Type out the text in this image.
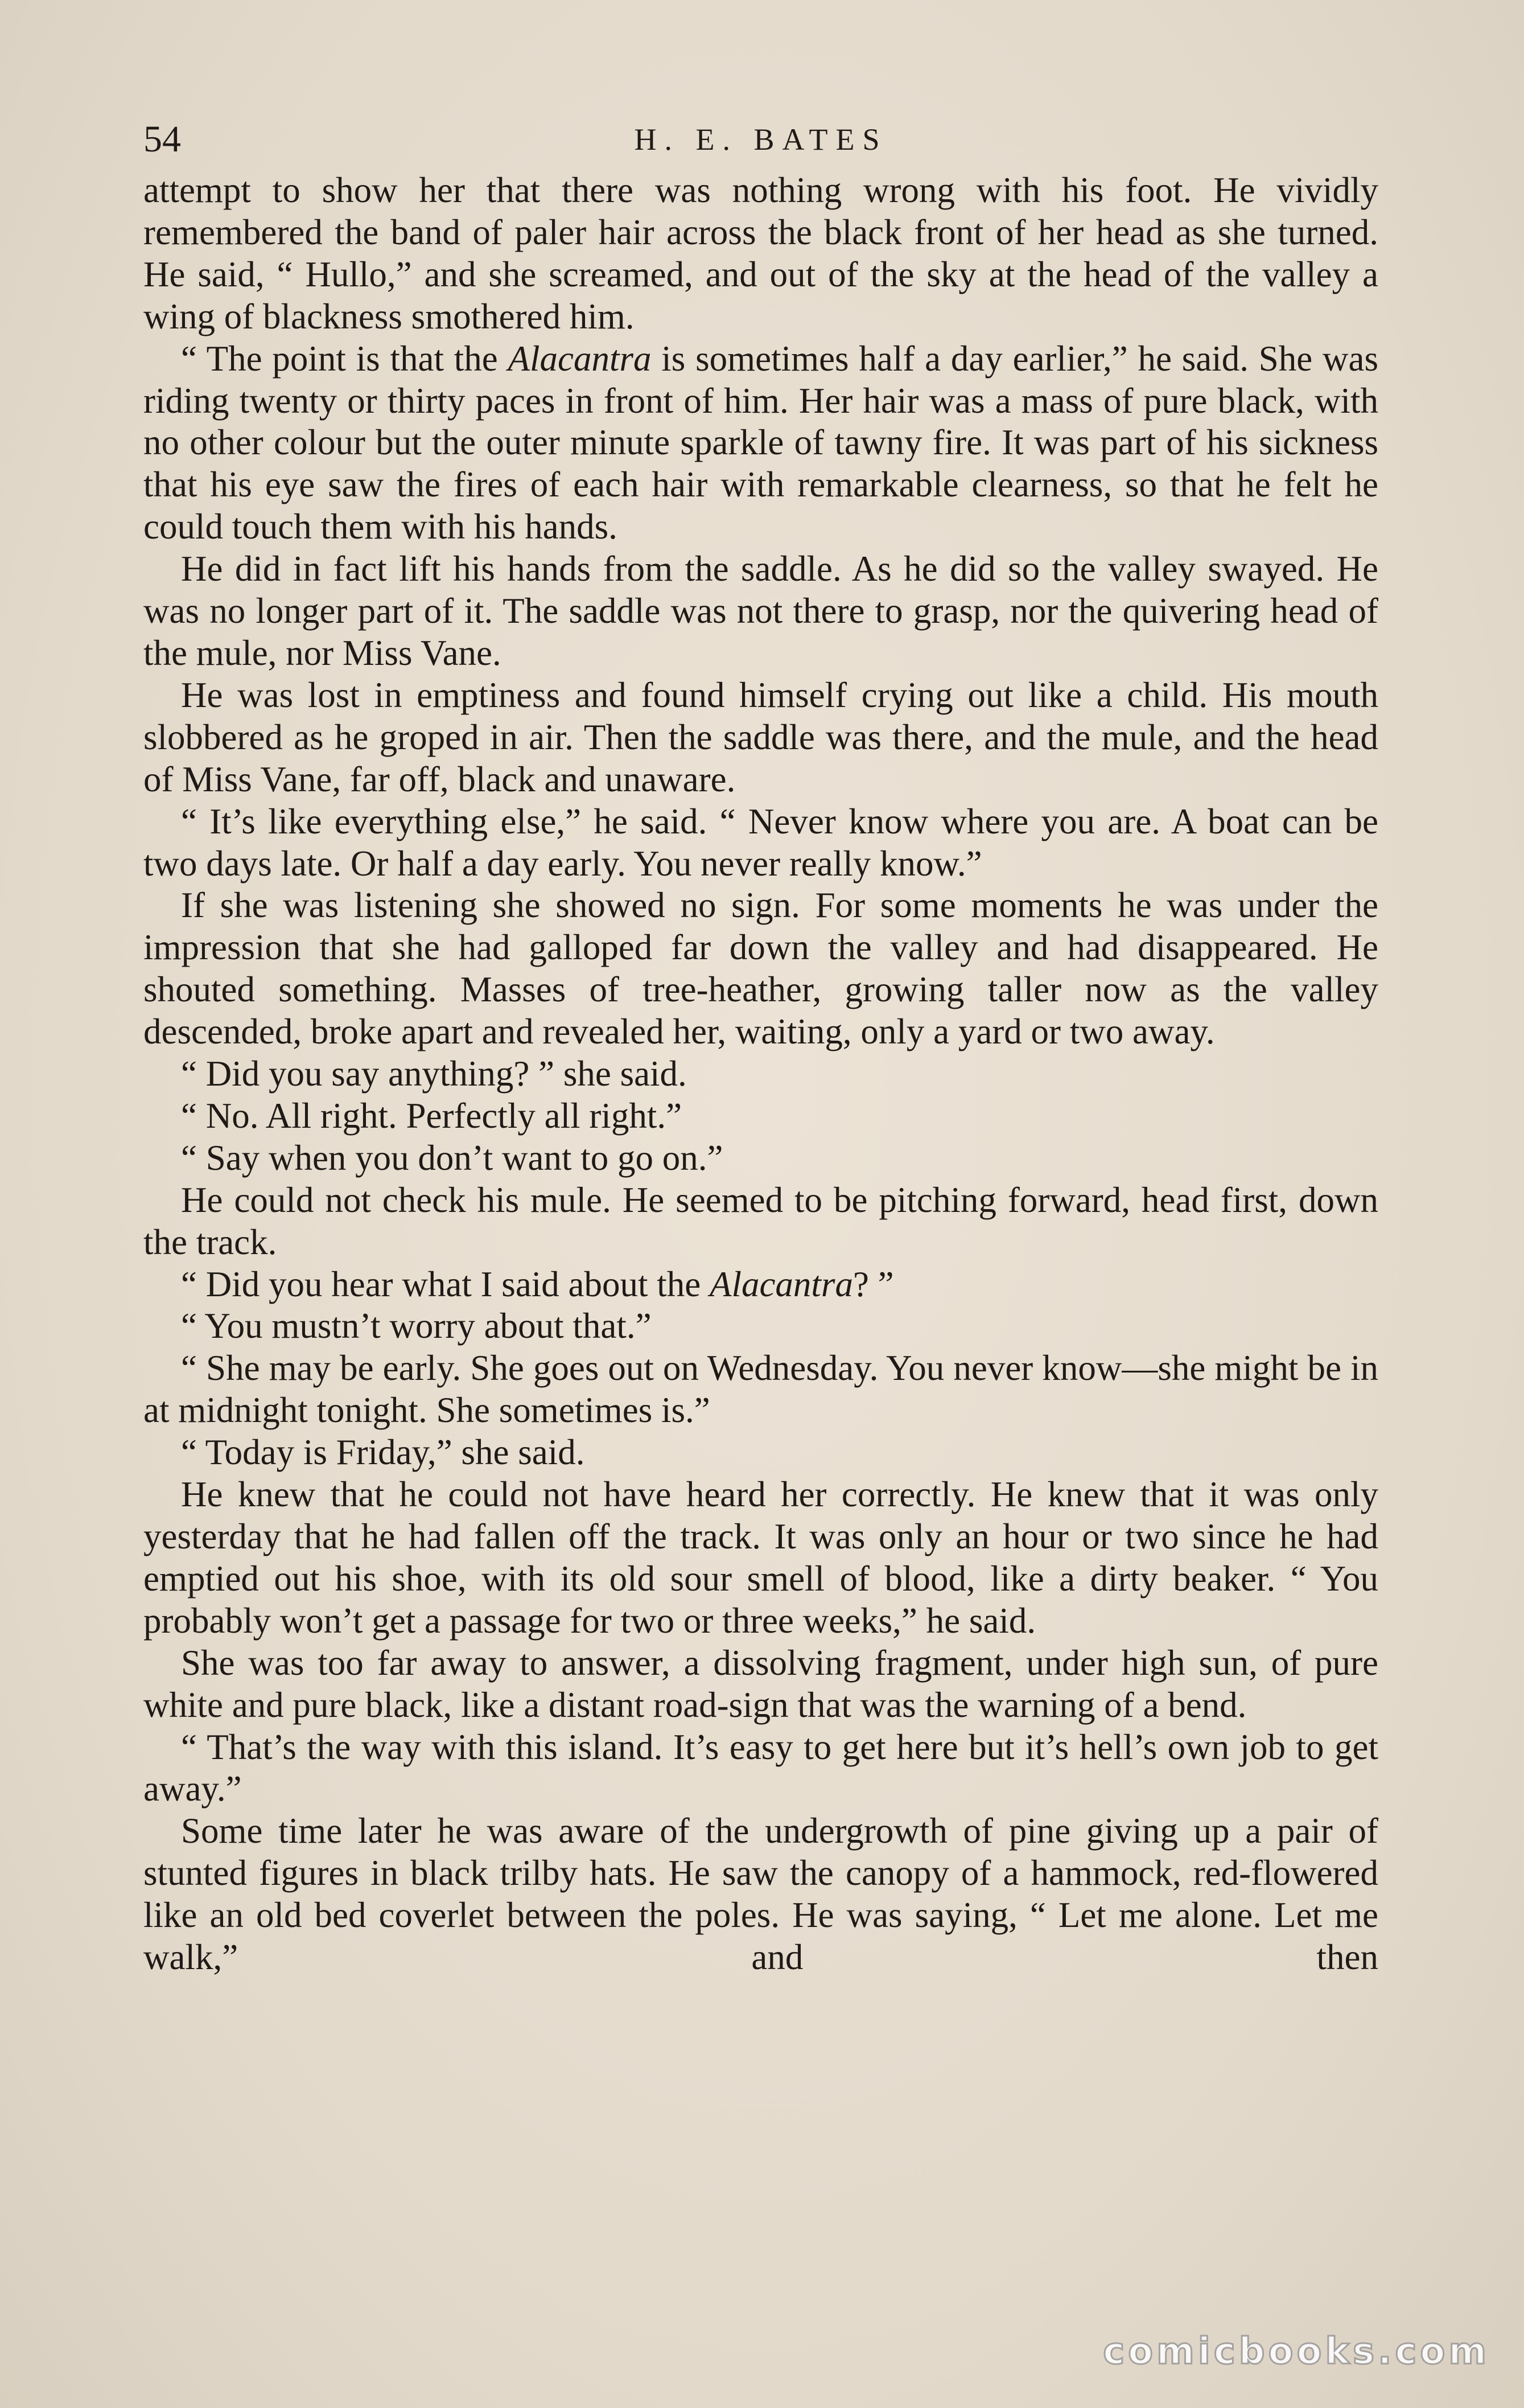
54	H. E. BATES

attempt to show her that there was nothing wrong with his foot. He vividly remembered the band of paler hair across the black front of her head as she turned. He said, “ Hullo,” and she screamed, and out of the sky at the head of the valley a wing of blackness smothered him.

“ The point is that the Alacantra is sometimes half a day earlier,” he said. She was riding twenty or thirty paces in front of him. Her hair was a mass of pure black, with no other colour but the outer minute sparkle of tawny fire. It was part of his sickness that his eye saw the fires of each hair with remarkable clearness, so that he felt he could touch them with his hands.

He did in fact lift his hands from the saddle. As he did so the valley swayed. He was no longer part of it. The saddle was not there to grasp, nor the quivering head of the mule, nor Miss Vane.

He was lost in emptiness and found himself crying out like a child. His mouth slobbered as he groped in air. Then the saddle was there, and the mule, and the head of Miss Vane, far off, black and unaware.

“ It’s like everything else,” he said. “ Never know where you are. A boat can be two days late. Or half a day early. You never really know.”

If she was listening she showed no sign. For some moments he was under the impression that she had galloped far down the valley and had disappeared. He shouted something. Masses of tree-heather, growing taller now as the valley descended, broke apart and revealed her, waiting, only a yard or two away.

“ Did you say anything? ” she said.

“ No. All right. Perfectly all right.”

“ Say when you don’t want to go on.”

He could not check his mule. He seemed to be pitching forward, head first, down the track.

“ Did you hear what I said about the Alacantra? ”

“ You mustn’t worry about that.”

“ She may be early. She goes out on Wednesday. You never know—she might be in at midnight tonight. She sometimes is.”

“ Today is Friday,” she said.

He knew that he could not have heard her correctly. He knew that it was only yesterday that he had fallen off the track. It was only an hour or two since he had emptied out his shoe, with its old sour smell of blood, like a dirty beaker. “ You probably won’t get a passage for two or three weeks,” he said.

She was too far away to answer, a dissolving fragment, under high sun, of pure white and pure black, like a distant road-sign that was the warning of a bend.

“ That’s the way with this island. It’s easy to get here but it’s hell’s own job to get away.”

Some time later he was aware of the undergrowth of pine giving up a pair of stunted figures in black trilby hats. He saw the canopy of a hammock, red-flowered like an old bed coverlet between the poles. He was saying, “ Let me alone. Let me walk,” and then

comicbooks.com
